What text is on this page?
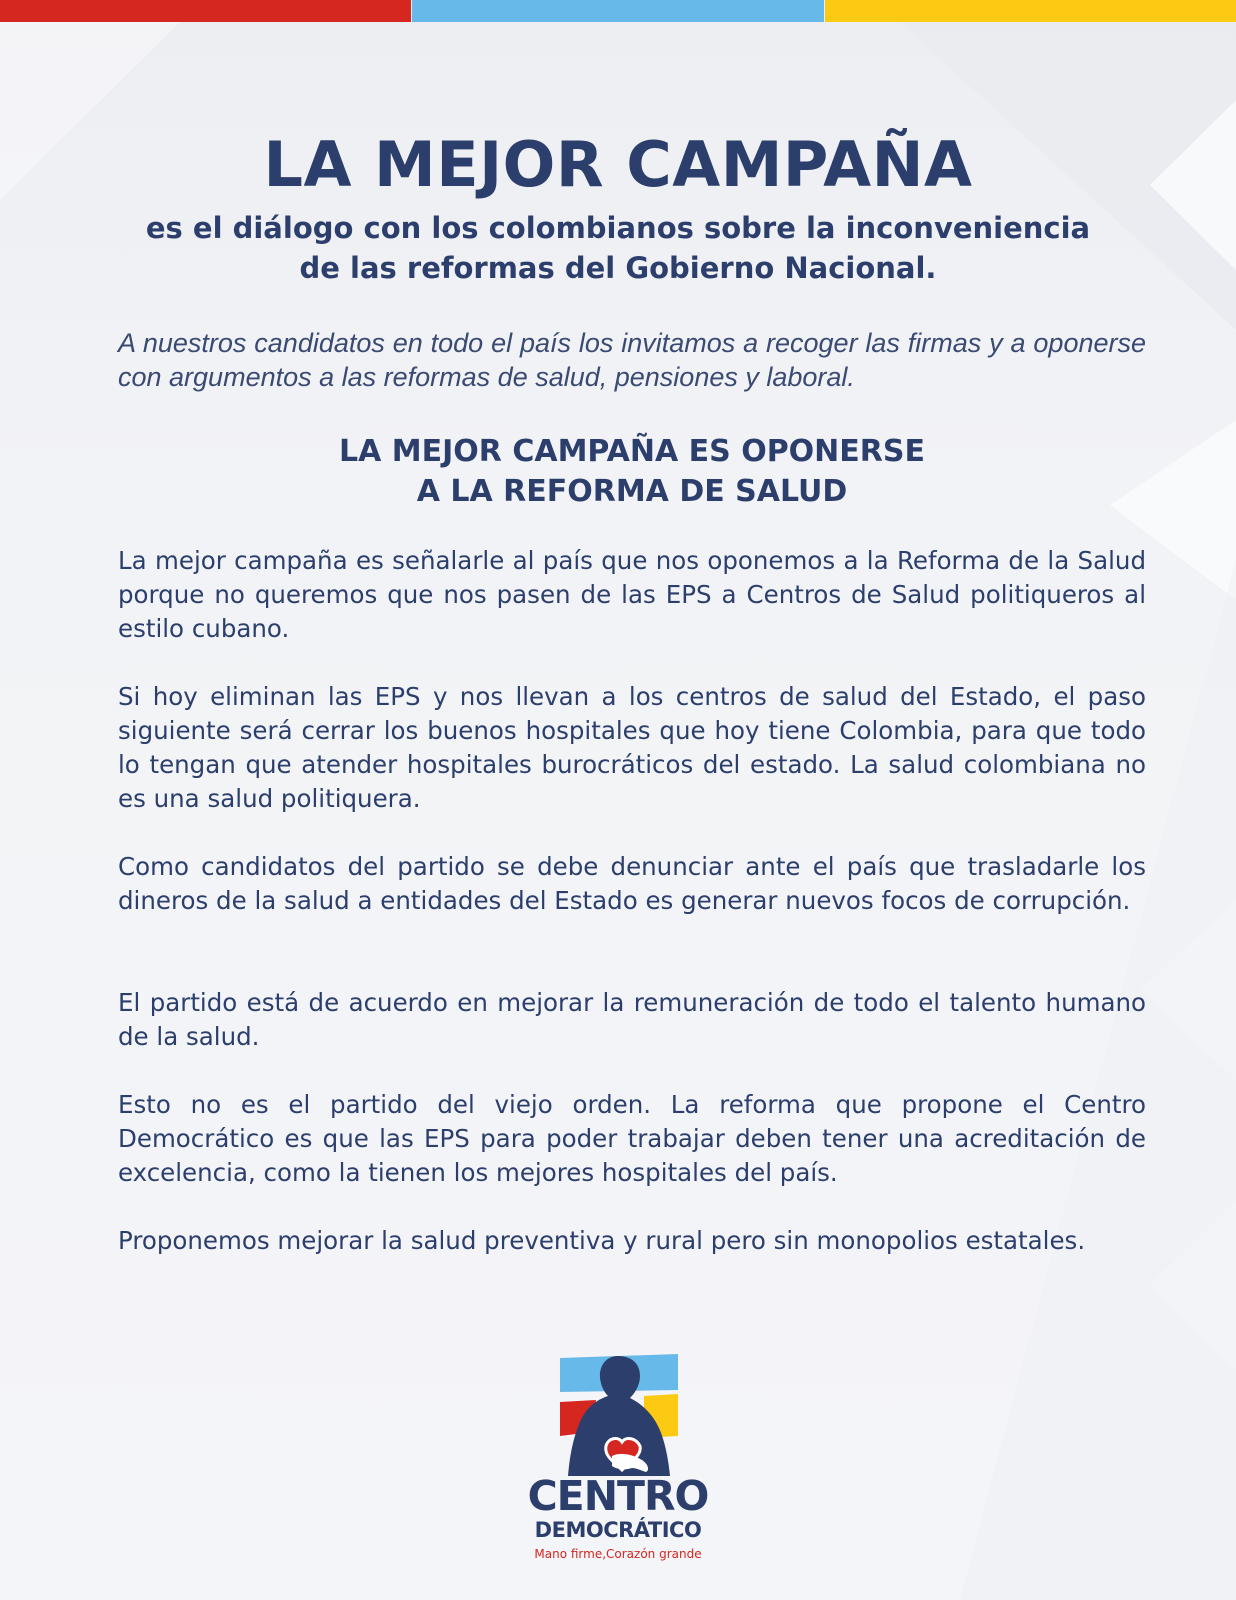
LA MEJOR CAMPAÑA
es el diálogo con los colombianos sobre la inconveniencia
de las reformas del Gobierno Nacional.

A nuestros candidatos en todo el país los invitamos a recoger las firmas y a oponerse con argumentos a las reformas de salud, pensiones y laboral.

LA MEJOR CAMPAÑA ES OPONERSE
A LA REFORMA DE SALUD

La mejor campaña es señalarle al país que nos oponemos a la Reforma de la Salud porque no queremos que nos pasen de las EPS a Centros de Salud politiqueros al estilo cubano.

Si hoy eliminan las EPS y nos llevan a los centros de salud del Estado, el paso siguiente será cerrar los buenos hospitales que hoy tiene Colombia, para que todo lo tengan que atender hospitales burocráticos del estado. La salud colombiana no es una salud politiquera.

Como candidatos del partido se debe denunciar ante el país que trasladarle los dineros de la salud a entidades del Estado es generar nuevos focos de corrupción.

El partido está de acuerdo en mejorar la remuneración de todo el talento humano de la salud.

Esto no es el partido del viejo orden. La reforma que propone el Centro Democrático es que las EPS para poder trabajar deben tener una acreditación de excelencia, como la tienen los mejores hospitales del país.

Proponemos mejorar la salud preventiva y rural pero sin monopolios estatales.

CENTRO
DEMOCRÁTICO
Mano firme,Corazón grande
